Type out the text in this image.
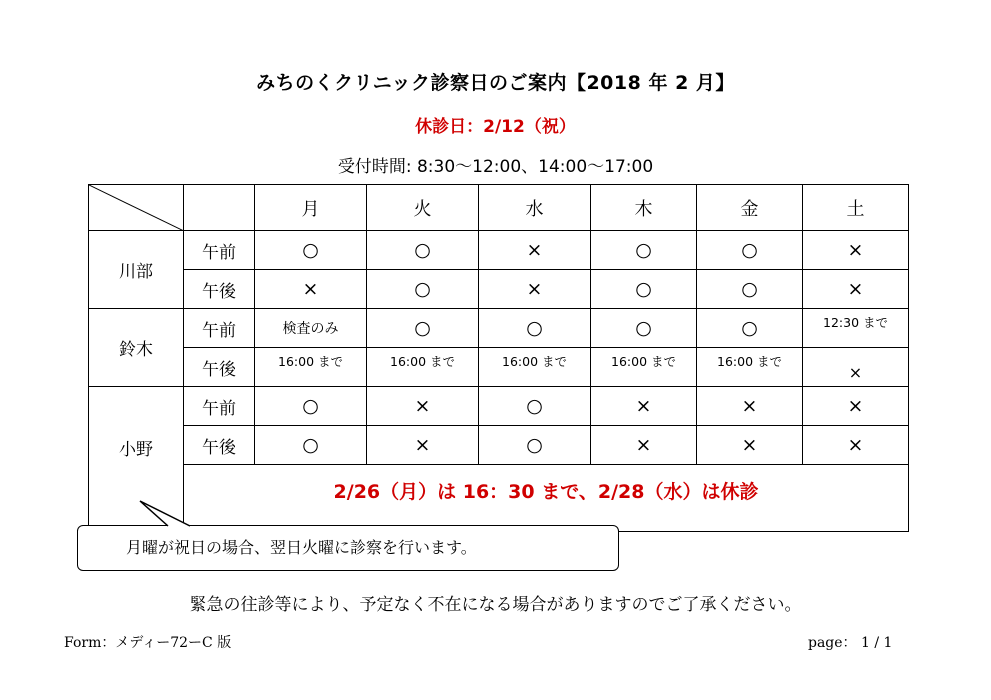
みちのくクリニック診察日のご案内【2018 年 2 月】
休診日：2/12（祝）
受付時間: 8:30～12:00、14:00～17:00
		月	火	水	木	金	土
川部	午前	○	○	×	○	○	×
	午後	×	○	×	○	○	×
鈴木	午前	検査のみ	○	○	○	○	12:30 まで
	午後	16:00 まで	16:00 まで	16:00 まで	16:00 まで	16:00 まで	×
小野	午前	○	×	○	×	×	×
	午後	○	×	○	×	×	×
	2/26（月）は 16：30 まで、2/28（水）は休診						
月曜が祝日の場合、翌日火曜に診察を行います。
緊急の往診等により、予定なく不在になる場合がありますのでご了承ください。
Form：メディー72ーC 版	page： 1 / 1
